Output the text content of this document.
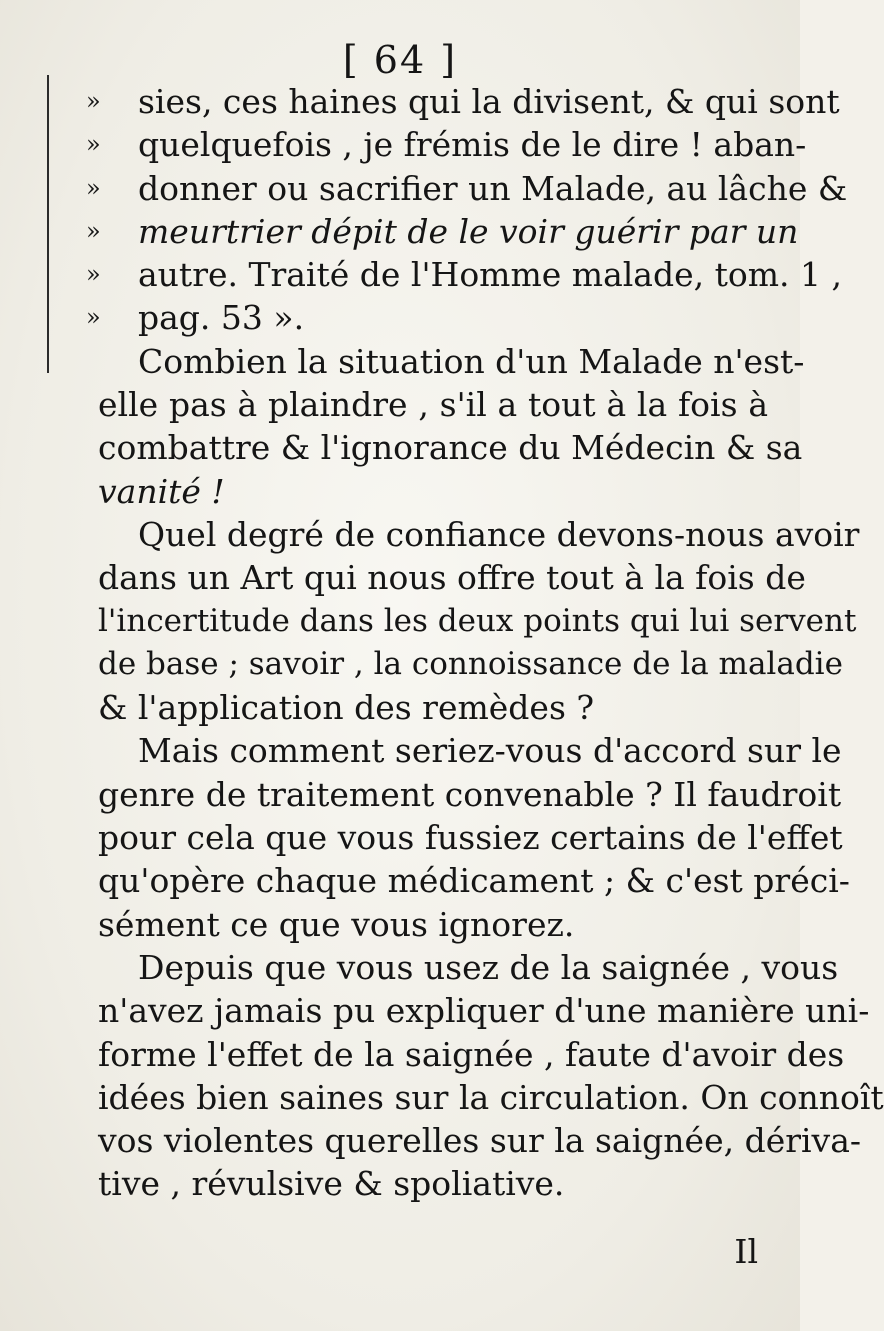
[ 64 ]
»	sies, ces haines qui la divisent, & qui sont
»	quelquefois , je frémis de le dire ! aban-
»	donner ou sacrifier un Malade, au lâche &
»	meurtrier dépit de le voir guérir par un
»	autre. Traité de l'Homme malade, tom. 1 ,
»	pag. 53 ».
Combien la situation d'un Malade n'est-
elle pas à plaindre , s'il a tout à la fois à
combattre & l'ignorance du Médecin & sa
vanité !
Quel degré de confiance devons-nous avoir
dans un Art qui nous offre tout à la fois de
l'incertitude dans les deux points qui lui servent
de base ; savoir , la connoissance de la maladie
& l'application des remèdes ?
Mais comment seriez-vous d'accord sur le
genre de traitement convenable ? Il faudroit
pour cela que vous fussiez certains de l'effet
qu'opère chaque médicament ; & c'est préci-
sément ce que vous ignorez.
Depuis que vous usez de la saignée , vous
n'avez jamais pu expliquer d'une manière uni-
forme l'effet de la saignée , faute d'avoir des
idées bien saines sur la circulation. On connoît
vos violentes querelles sur la saignée, dériva-
tive , révulsive & spoliative.
Il
